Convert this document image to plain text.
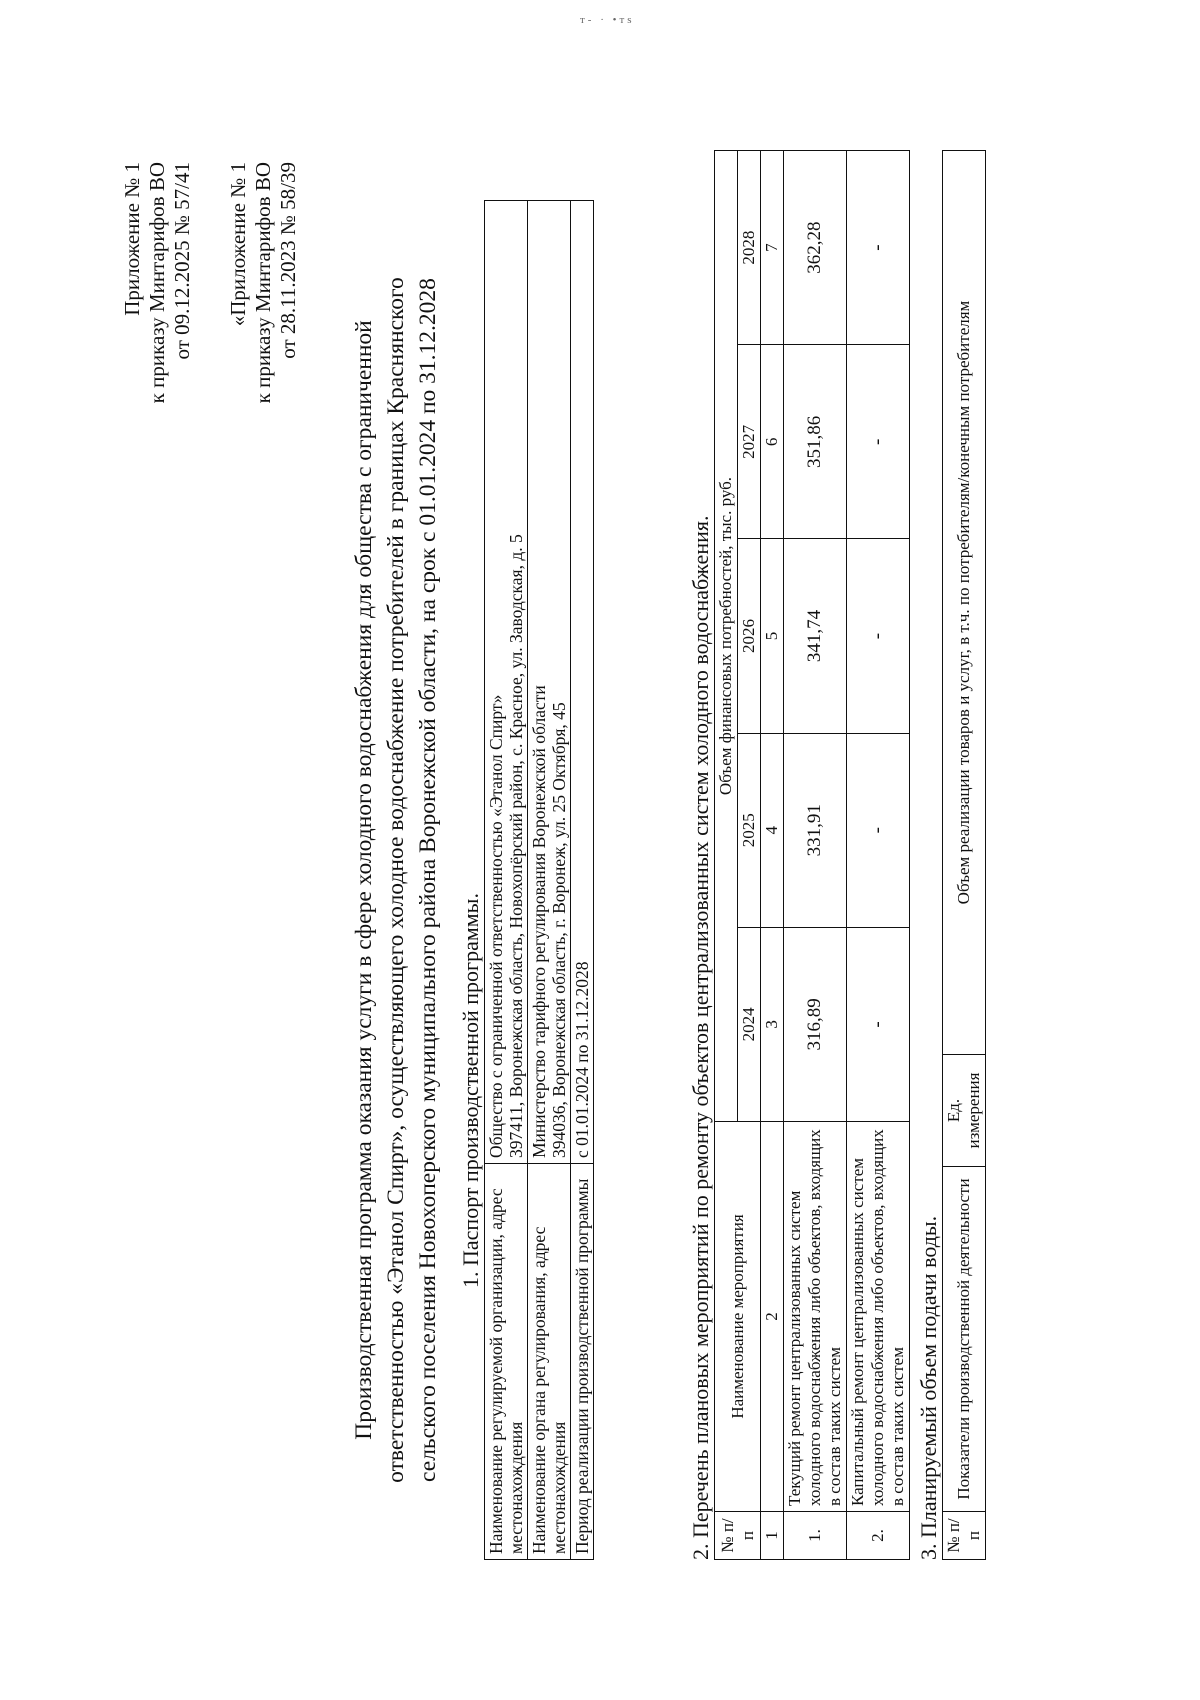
т- · •тs
Приложение № 1 к приказу Минтарифов ВО от 09.12.2025 № 57/41 «Приложение № 1 к приказу Минтарифов ВО от 28.11.2023 № 58/39
Производственная программа оказания услуги в сфере холодного водоснабжения для общества с ограниченной ответственностью «Этанол Спирт», осуществляющего холодное водоснабжение потребителей в границах Краснянского сельского поселения Новохоперского муниципального района Воронежской области, на срок с 01.01.2024 по 31.12.2028 1. Паспорт производственной программы.
Наименование регулируемой организации, адрес местонахождения	Общество с ограниченной ответственностью «Этанол Спирт» 397411, Воронежская область, Новохопёрский район, с. Красное, ул. Заводская, д. 5

Наименование органа регулирования, адрес местонахождения	Министерство тарифного регулирования Воронежской области 394036, Воронежская область, г. Воронеж, ул. 25 Октября, 45

Период реализации производственной программы	с 01.01.2024 по 31.12.2028	2. Перечень плановых мероприятий по ремонту объектов централизованных систем холодного водоснабжения. № п/п	Наименование мероприятия	Объем финансовых потребностей, тыс. руб.				
		2024	2025	2026	2027	2028
1	2	3	4	5	6	7
1.	Текущий ремонт централизованных систем холодного водоснабжения либо объектов, входящих в состав таких систем	316,89	331,91	341,74	351,86	362,28
2.	Капитальный ремонт централизованных систем холодного водоснабжения либо объектов, входящих в состав таких систем	-	-	-	-	-
3. Планируемый объем подачи воды. № п/п	Показатели производственной деятельности	Ед. измерения	Объем реализации товаров и услуг, в т.ч. по потребителям/конечным потребителям
